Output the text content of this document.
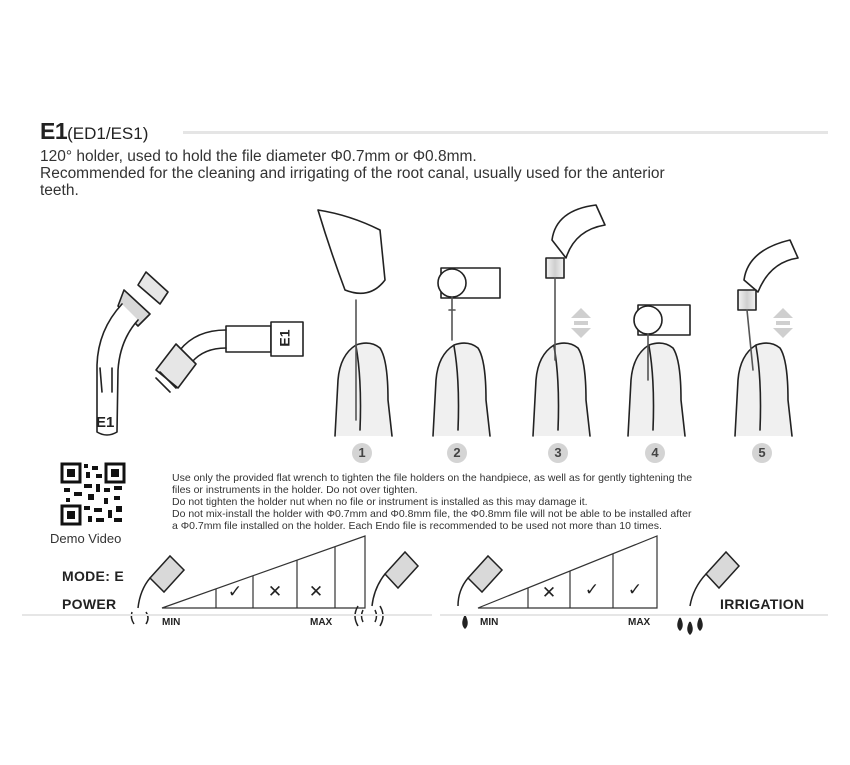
E1(ED1/ES1)
120° holder, used to hold the file diameter Φ0.7mm or Φ0.8mm.
Recommended for the cleaning and irrigating of the root canal, usually used for the anterior
teeth.
E1
E1
1	2	3	4	5
Demo Video
Use only the provided flat wrench to tighten the file holders on the handpiece, as well as for gently tightening the
files or instruments in the holder. Do not over tighten.
Do not tighten the holder nut when no file or instrument is installed as this may damage it.
Do not mix-install the holder with Φ0.7mm and Φ0.8mm file, the Φ0.8mm file will not be able to be installed after
a Φ0.7mm file installed on the holder. Each Endo file is recommended to be used not more than 10 times.
MODE: E
POWER
MIN	MAX
✓	✕	✕
MIN	MAX
✕	✓	✓
IRRIGATION
